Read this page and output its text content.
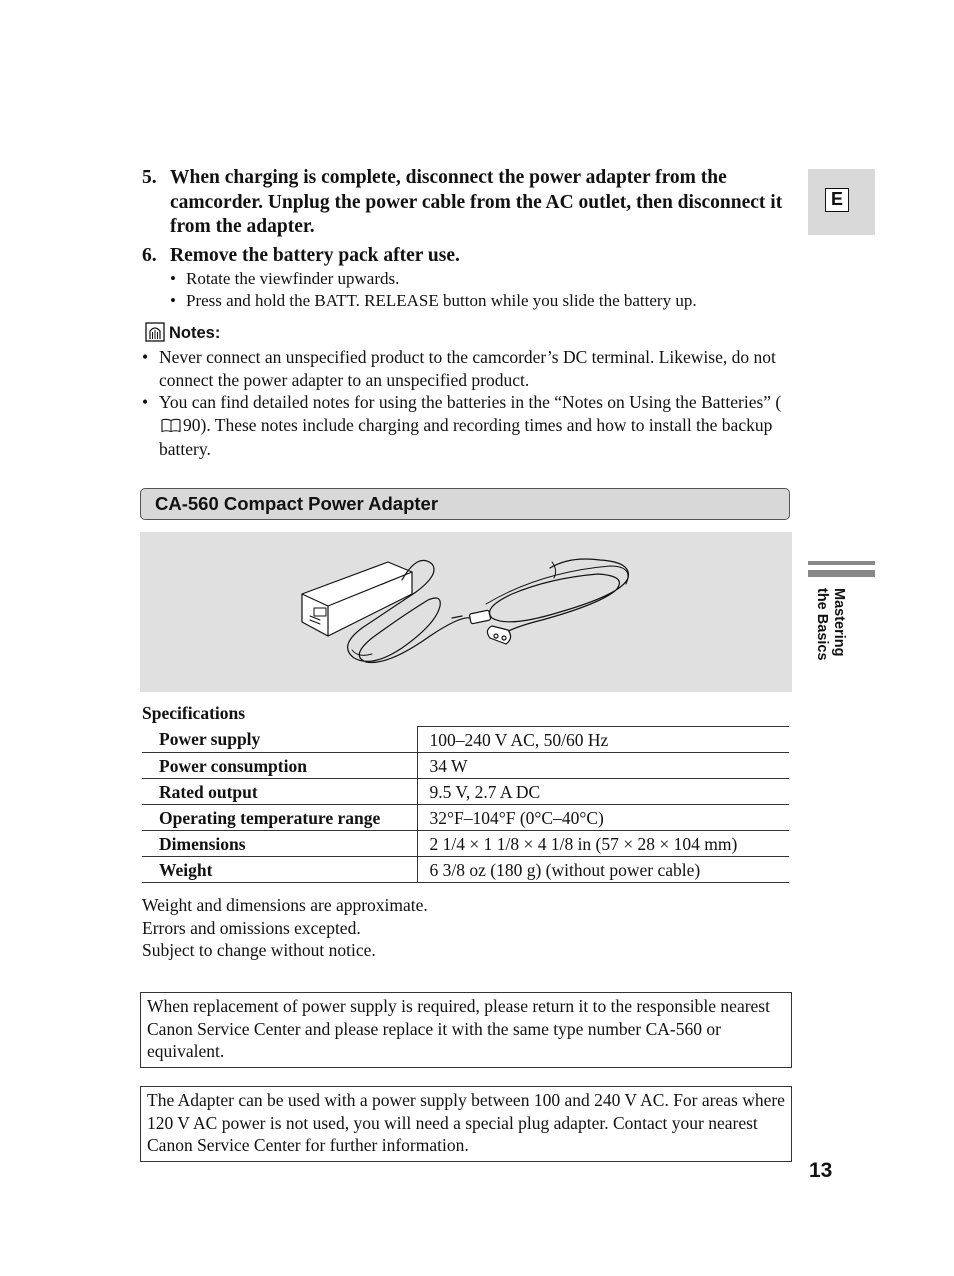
5. When charging is complete, disconnect the power adapter from the camcorder. Unplug the power cable from the AC outlet, then disconnect it from the adapter.
6. Remove the battery pack after use.
• Rotate the viewfinder upwards.
• Press and hold the BATT. RELEASE button while you slide the battery up.
Notes:
• Never connect an unspecified product to the camcorder’s DC terminal. Likewise, do not connect the power adapter to an unspecified product.
• You can find detailed notes for using the batteries in the “Notes on Using the Batteries” (90). These notes include charging and recording times and how to install the backup battery.
CA-560 Compact Power Adapter
Specifications
Power supply	100–240 V AC, 50/60 Hz
Power consumption	34 W
Rated output	9.5 V, 2.7 A DC
Operating temperature range	32°F–104°F (0°C–40°C)
Dimensions	2 1/4 × 1 1/8 × 4 1/8 in (57 × 28 × 104 mm)
Weight	6 3/8 oz (180 g) (without power cable)
Weight and dimensions are approximate.
Errors and omissions excepted.
Subject to change without notice.
When replacement of power supply is required, please return it to the responsible nearest Canon Service Center and please replace it with the same type number CA-560 or equivalent.
The Adapter can be used with a power supply between 100 and 240 V AC. For areas where 120 V AC power is not used, you will need a special plug adapter. Contact your nearest Canon Service Center for further information.
E
Mastering
the Basics
13
